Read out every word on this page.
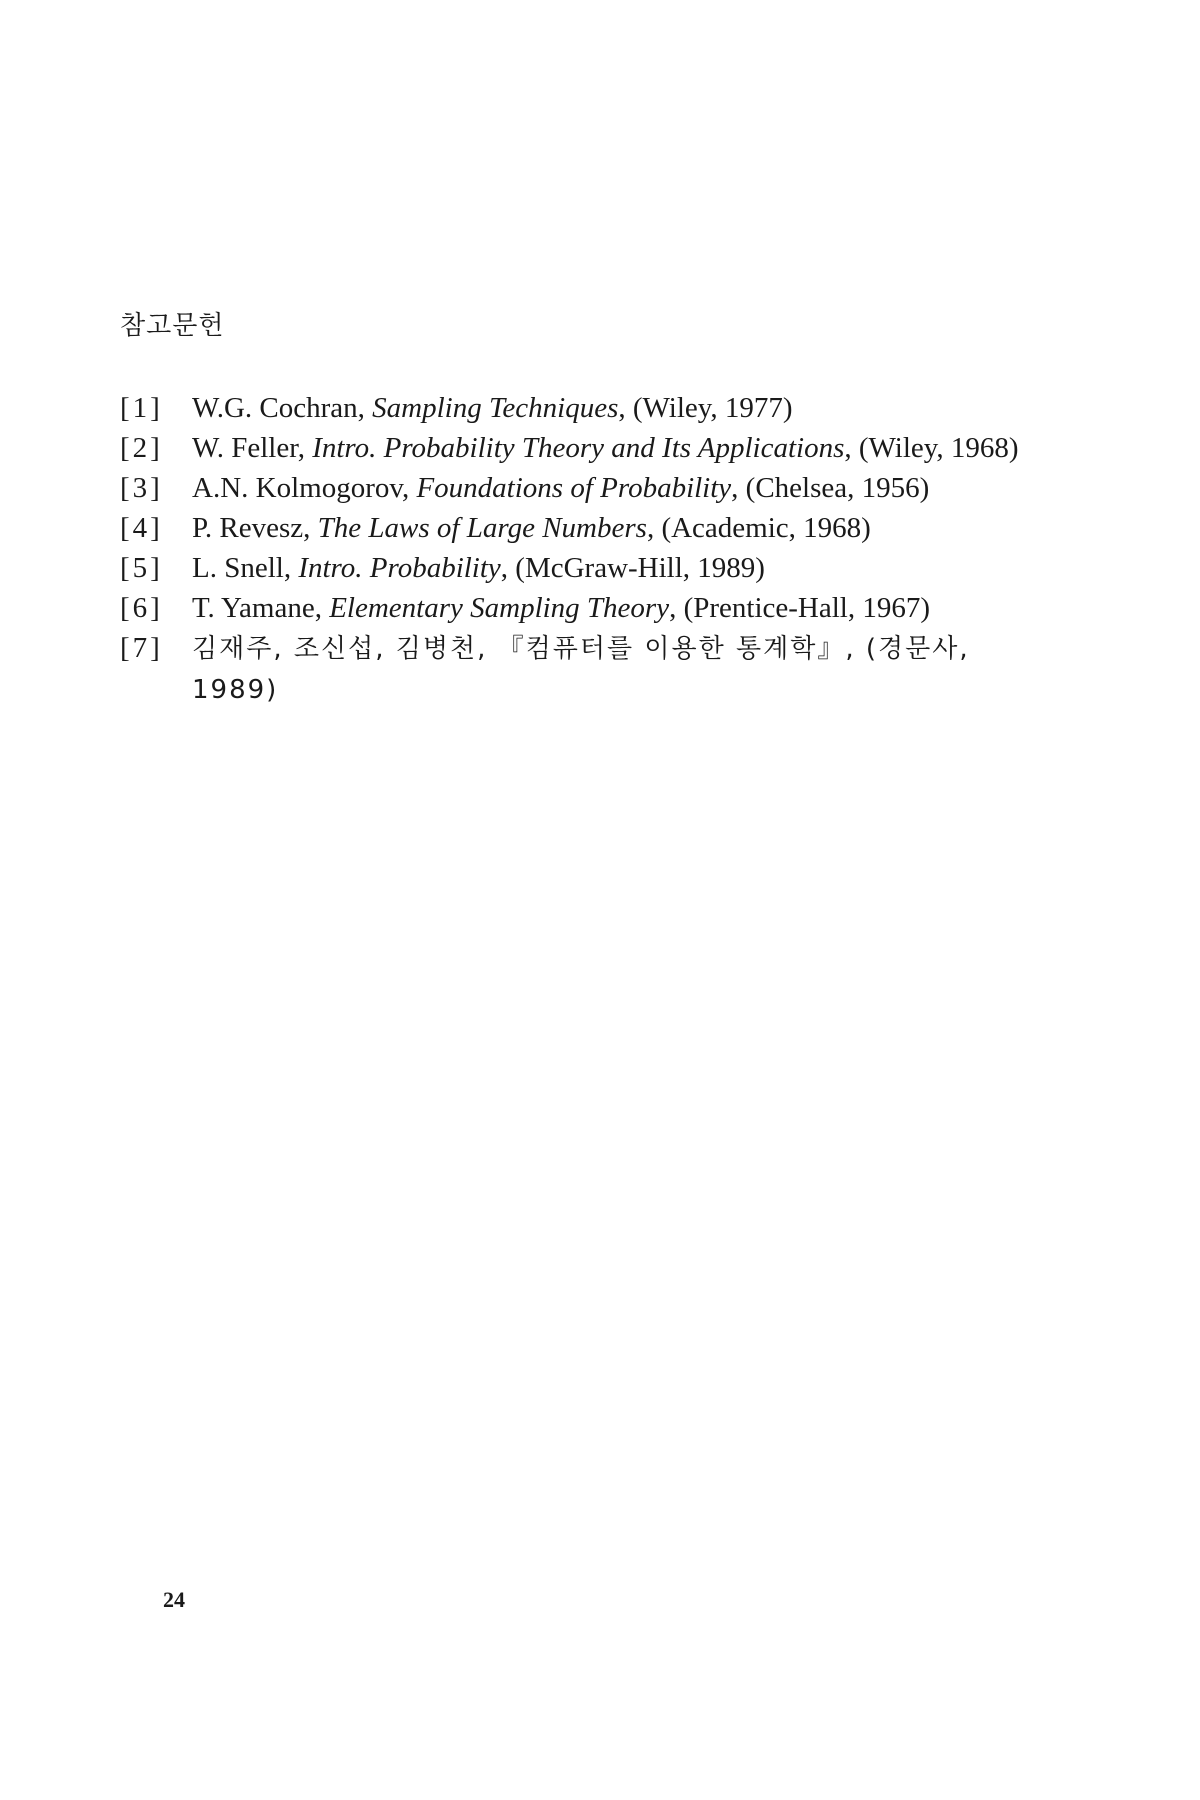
참고문헌
[1]	W.G. Cochran, Sampling Techniques, (Wiley, 1977)
[2]	W. Feller, Intro. Probability Theory and Its Applications, (Wiley, 1968)
[3]	A.N. Kolmogorov, Foundations of Probability, (Chelsea, 1956)
[4]	P. Revesz, The Laws of Large Numbers, (Academic, 1968)
[5]	L. Snell, Intro. Probability, (McGraw-Hill, 1989)
[6]	T. Yamane, Elementary Sampling Theory, (Prentice-Hall, 1967)
[7]	김재주, 조신섭, 김병천, 『컴퓨터를 이용한 통계학』, (경문사, 1989)
24
